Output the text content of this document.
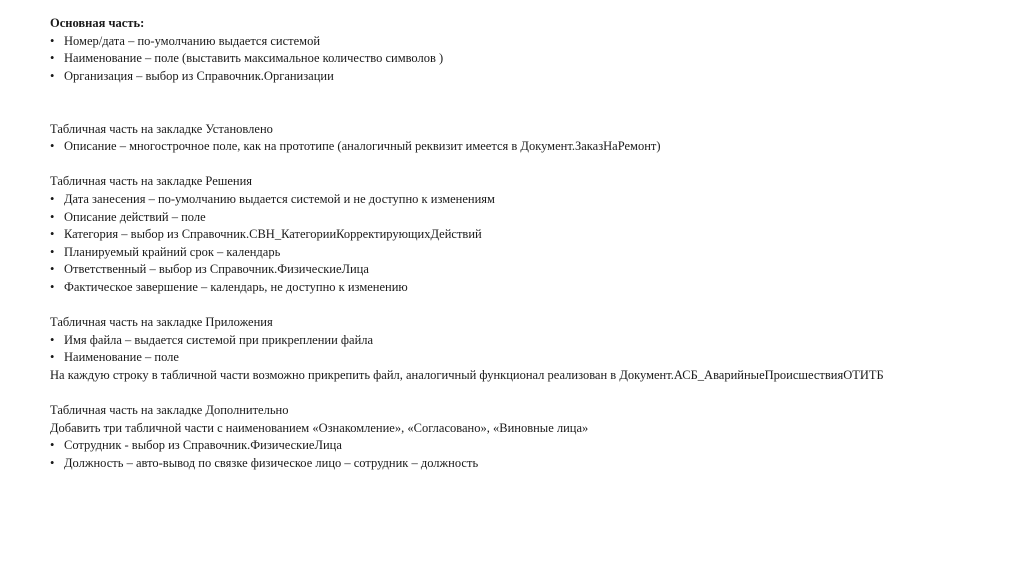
Основная часть:
• Номер/дата – по-умолчанию выдается системой
• Наименование – поле (выставить максимальное количество символов )
• Организация – выбор из Справочник.Организации
Табличная часть на закладке Установлено
• Описание – многострочное поле, как на прототипе (аналогичный реквизит имеется в Документ.ЗаказНаРемонт)
Табличная часть на закладке Решения
• Дата занесения – по-умолчанию выдается системой и не доступно к изменениям
• Описание действий – поле
• Категория – выбор из Справочник.СВН_КатегорииКорректирующихДействий
• Планируемый крайний срок – календарь
• Ответственный – выбор из Справочник.ФизическиеЛица
• Фактическое завершение – календарь, не доступно к изменению
Табличная часть на закладке Приложения
• Имя файла – выдается системой при прикреплении файла
• Наименование – поле
На каждую строку в табличной части возможно прикрепить файл, аналогичный функционал реализован в Документ.АСБ_АварийныеПроисшествияОТИТБ
Табличная часть на закладке Дополнительно
Добавить три табличной части с наименованием «Ознакомление», «Согласовано», «Виновные лица»
• Сотрудник - выбор из Справочник.ФизическиеЛица
• Должность – авто-вывод по связке физическое лицо – сотрудник – должность
